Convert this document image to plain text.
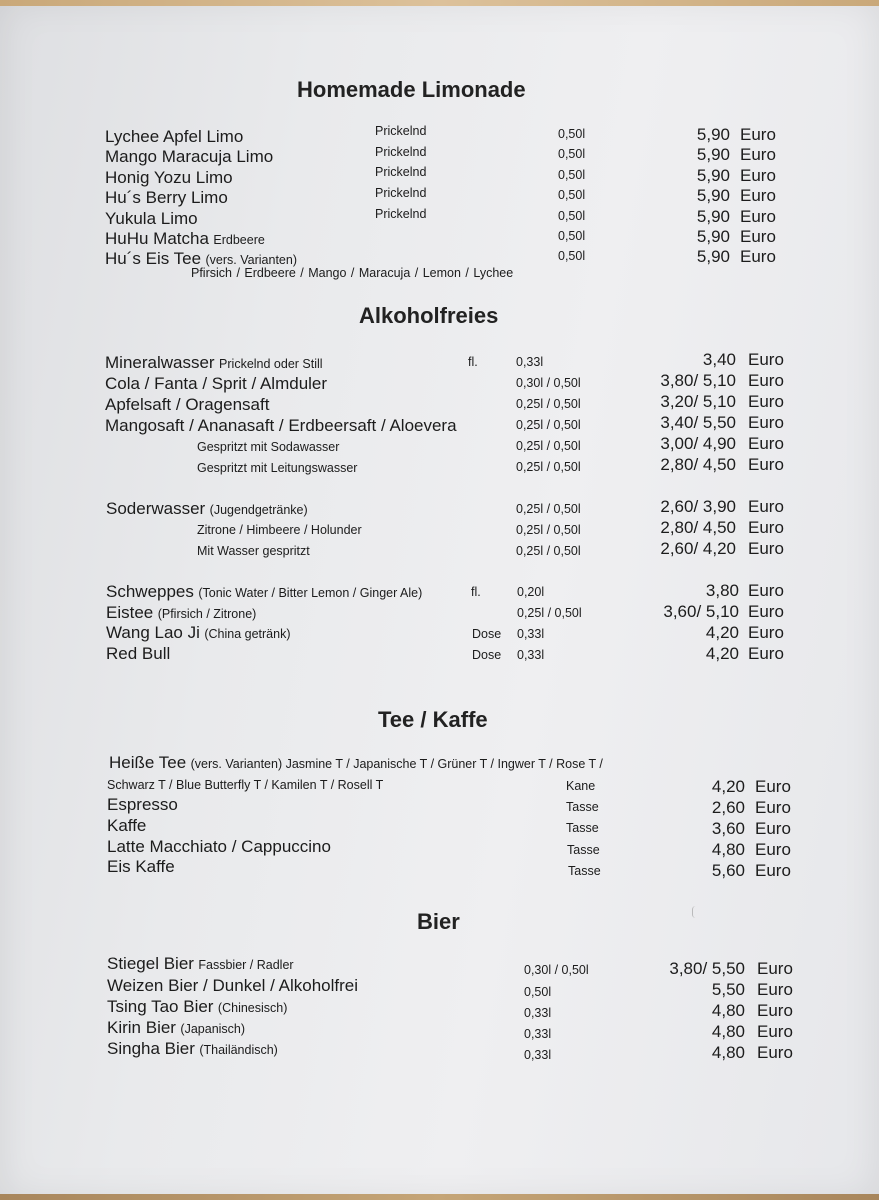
Homemade Limonade
Lychee Apfel Limo	Prickelnd	0,50l	5,90 Euro
Mango Maracuja Limo	Prickelnd	0,50l	5,90 Euro
Honig Yozu Limo	Prickelnd	0,50l	5,90 Euro
Hu´s Berry Limo	Prickelnd	0,50l	5,90 Euro
Yukula Limo	Prickelnd	0,50l	5,90 Euro
HuHu Matcha Erdbeere	0,50l	5,90 Euro
Hu´s Eis Tee (vers. Varianten)	0,50l	5,90 Euro
Pfirsich / Erdbeere / Mango / Maracuja / Lemon / Lychee
Alkoholfreies
Mineralwasser Prickelnd oder Still	fl.	0,33l	3,40 Euro
Cola / Fanta / Sprit / Almduler	0,30l / 0,50l	3,80/ 5,10 Euro
Apfelsaft / Oragensaft	0,25l / 0,50l	3,20/ 5,10 Euro
Mangosaft / Ananasaft / Erdbeersaft / Aloevera	0,25l / 0,50l	3,40/ 5,50 Euro
Gespritzt mit Sodawasser	0,25l / 0,50l	3,00/ 4,90 Euro
Gespritzt mit Leitungswasser	0,25l / 0,50l	2,80/ 4,50 Euro
Soderwasser (Jugendgetränke)	0,25l / 0,50l	2,60/ 3,90 Euro
Zitrone / Himbeere / Holunder	0,25l / 0,50l	2,80/ 4,50 Euro
Mit Wasser gespritzt	0,25l / 0,50l	2,60/ 4,20 Euro
Schweppes (Tonic Water / Bitter Lemon / Ginger Ale)	fl.	0,20l	3,80 Euro
Eistee (Pfirsich / Zitrone)	0,25l / 0,50l	3,60/ 5,10 Euro
Wang Lao Ji (China getränk)	Dose 0,33l	4,20 Euro
Red Bull	Dose 0,33l	4,20 Euro
Tee / Kaffe
Heiße Tee (vers. Varianten) Jasmine T / Japanische T / Grüner T / Ingwer T / Rose T /
Schwarz T / Blue Butterfly T / Kamilen T / Rosell T	Kane	4,20 Euro
Espresso	Tasse	2,60 Euro
Kaffe	Tasse	3,60 Euro
Latte Macchiato / Cappuccino	Tasse	4,80 Euro
Eis Kaffe	Tasse	5,60 Euro
Bier
Stiegel Bier Fassbier / Radler	0,30l / 0,50l	3,80/ 5,50 Euro
Weizen Bier / Dunkel / Alkoholfrei	0,50l	5,50 Euro
Tsing Tao Bier (Chinesisch)	0,33l	4,80 Euro
Kirin Bier (Japanisch)	0,33l	4,80 Euro
Singha Bier (Thailändisch)	0,33l	4,80 Euro
